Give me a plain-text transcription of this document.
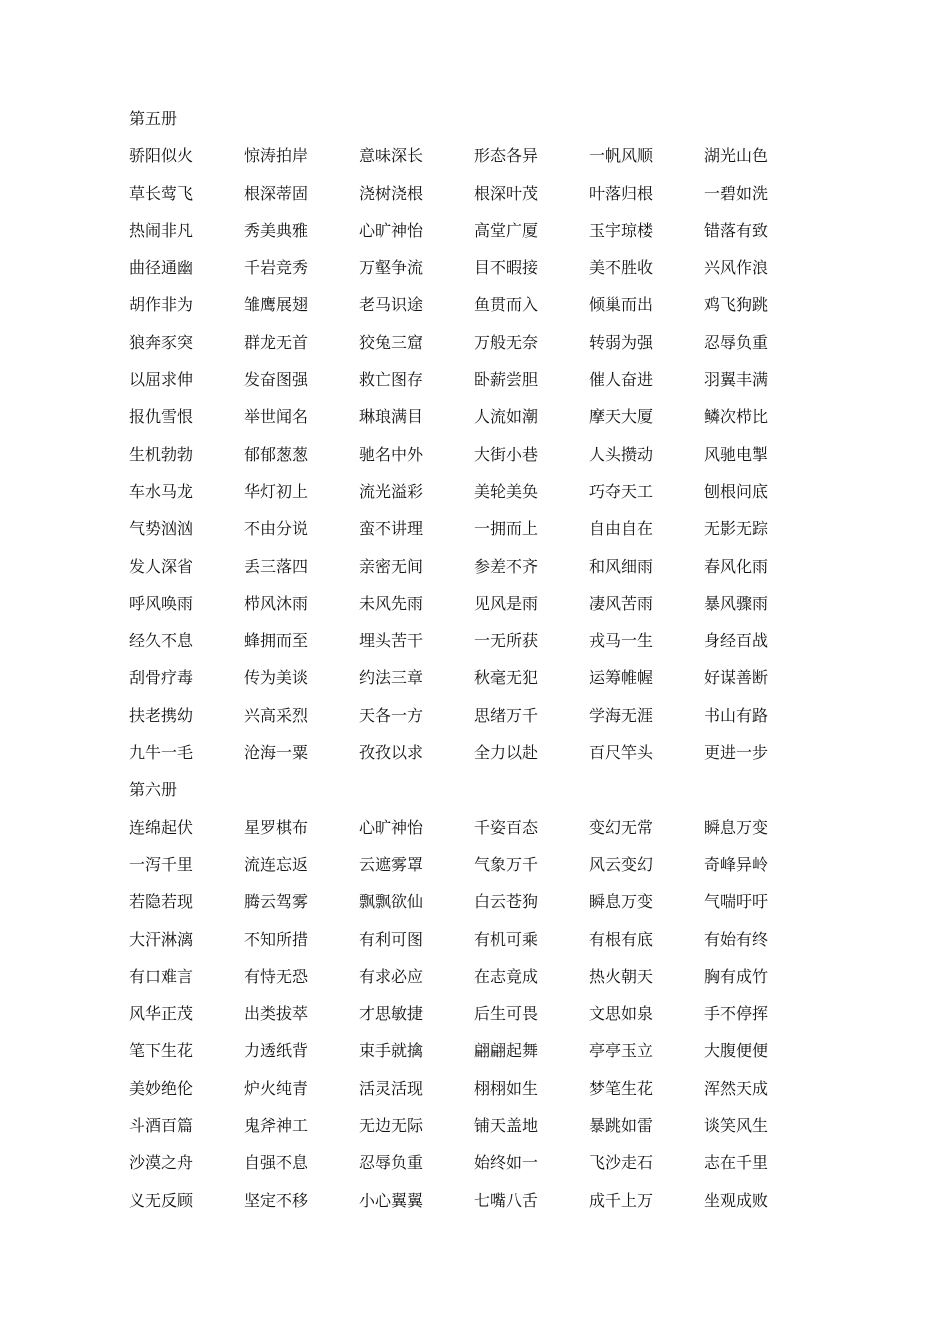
第五册
骄阳似火	惊涛拍岸	意味深长	形态各异	一帆风顺	湖光山色
草长莺飞	根深蒂固	浇树浇根	根深叶茂	叶落归根	一碧如洗
热闹非凡	秀美典雅	心旷神怡	高堂广厦	玉宇琼楼	错落有致
曲径通幽	千岩竞秀	万壑争流	目不暇接	美不胜收	兴风作浪
胡作非为	雏鹰展翅	老马识途	鱼贯而入	倾巢而出	鸡飞狗跳
狼奔豕突	群龙无首	狡兔三窟	万般无奈	转弱为强	忍辱负重
以屈求伸	发奋图强	救亡图存	卧薪尝胆	催人奋进	羽翼丰满
报仇雪恨	举世闻名	琳琅满目	人流如潮	摩天大厦	鳞次栉比
生机勃勃	郁郁葱葱	驰名中外	大街小巷	人头攒动	风驰电掣
车水马龙	华灯初上	流光溢彩	美轮美奂	巧夺天工	刨根问底
气势汹汹	不由分说	蛮不讲理	一拥而上	自由自在	无影无踪
发人深省	丢三落四	亲密无间	参差不齐	和风细雨	春风化雨
呼风唤雨	栉风沐雨	未风先雨	见风是雨	凄风苦雨	暴风骤雨
经久不息	蜂拥而至	埋头苦干	一无所获	戎马一生	身经百战
刮骨疗毒	传为美谈	约法三章	秋毫无犯	运筹帷幄	好谋善断
扶老携幼	兴高采烈	天各一方	思绪万千	学海无涯	书山有路
九牛一毛	沧海一粟	孜孜以求	全力以赴	百尺竿头	更进一步
第六册
连绵起伏	星罗棋布	心旷神怡	千姿百态	变幻无常	瞬息万变
一泻千里	流连忘返	云遮雾罩	气象万千	风云变幻	奇峰异岭
若隐若现	腾云驾雾	飘飘欲仙	白云苍狗	瞬息万变	气喘吁吁
大汗淋漓	不知所措	有利可图	有机可乘	有根有底	有始有终
有口难言	有恃无恐	有求必应	在志竟成	热火朝天	胸有成竹
风华正茂	出类拔萃	才思敏捷	后生可畏	文思如泉	手不停挥
笔下生花	力透纸背	束手就擒	翩翩起舞	亭亭玉立	大腹便便
美妙绝伦	炉火纯青	活灵活现	栩栩如生	梦笔生花	浑然天成
斗酒百篇	鬼斧神工	无边无际	铺天盖地	暴跳如雷	谈笑风生
沙漠之舟	自强不息	忍辱负重	始终如一	飞沙走石	志在千里
义无反顾	坚定不移	小心翼翼	七嘴八舌	成千上万	坐观成败
